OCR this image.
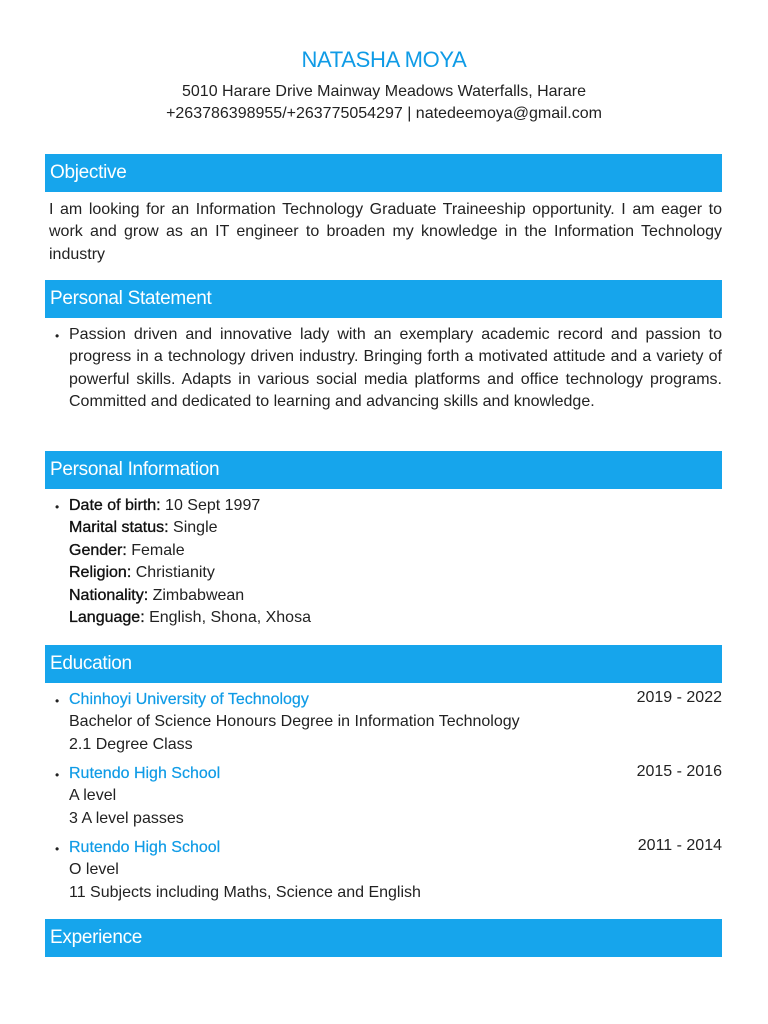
NATASHA MOYA
5010 Harare Drive Mainway Meadows Waterfalls, Harare
+263786398955/+263775054297 | natedeemoya@gmail.com
Objective
I am looking for an Information Technology Graduate Traineeship opportunity. I am eager to work and grow as an IT engineer to broaden my knowledge in the Information Technology industry
Personal Statement
• Passion driven and innovative lady with an exemplary academic record and passion to progress in a technology driven industry. Bringing forth a motivated attitude and a variety of powerful skills. Adapts in various social media platforms and office technology programs. Committed and dedicated to learning and advancing skills and knowledge.
Personal Information
• Date of birth: 10 Sept 1997
Marital status: Single
Gender: Female
Religion: Christianity
Nationality: Zimbabwean
Language: English, Shona, Xhosa
Education
• Chinhoyi University of Technology
Bachelor of Science Honours Degree in Information Technology
2.1 Degree Class
2019 - 2022
• Rutendo High School
A level
3 A level passes
2015 - 2016
• Rutendo High School
O level
11 Subjects including Maths, Science and English
2011 - 2014
Experience
